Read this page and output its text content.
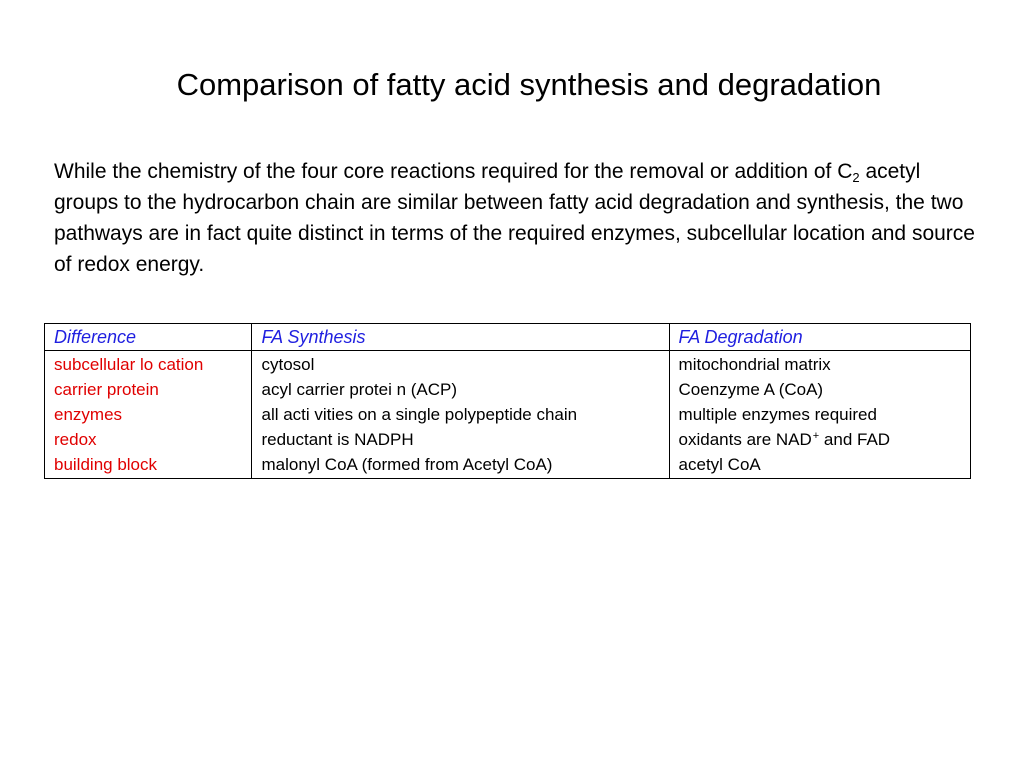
Comparison of fatty acid synthesis and degradation

While the chemistry of the four core reactions required for the removal or addition of $C_2$ acetyl groups to the hydrocarbon chain are similar between fatty acid degradation and synthesis, the two pathways are in fact quite distinct in terms of the required enzymes, subcellular location and source of redox energy.

Difference	FA Synthesis	FA Degradation
subcellular lo cation	cytosol	mitochondrial matrix
carrier protein	acyl carrier protei n (ACP)	Coenzyme A (CoA)
enzymes	all acti vities on a single polypeptide chain	multiple enzymes required
redox	reductant is NADPH	oxidants are NAD+ and FAD
building block	malonyl CoA (formed from Acetyl CoA)	acetyl CoA
